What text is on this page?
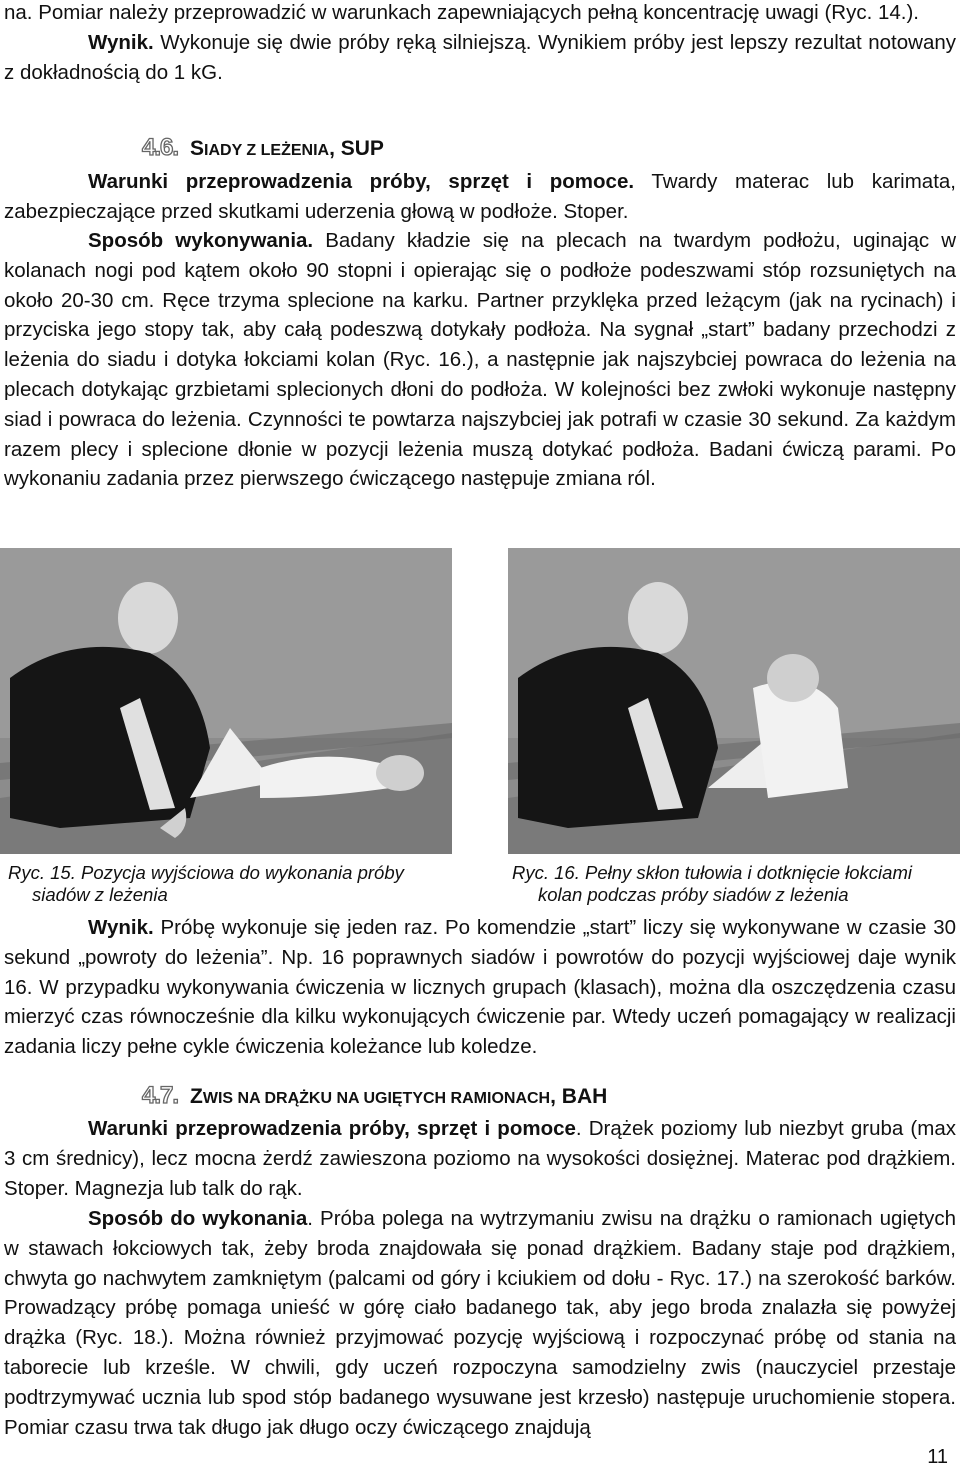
na. Pomiar należy przeprowadzić w warunkach zapewniających pełną koncentrację uwagi (Ryc. 14.).
Wynik. Wykonuje się dwie próby ręką silniejszą. Wynikiem próby jest lepszy rezultat notowany z dokładnością do 1 kG.

4.6. SIADY Z LEŻENIA, SUP

Warunki przeprowadzenia próby, sprzęt i pomoce. Twardy materac lub karimata, zabezpieczające przed skutkami uderzenia głową w podłoże. Stoper.

Sposób wykonywania. Badany kładzie się na plecach na twardym podłożu, uginając w kolanach nogi pod kątem około 90 stopni i opierając się o podłoże podeszwami stóp rozsuniętych na około 20-30 cm. Ręce trzyma splecione na karku. Partner przyklęka przed leżącym (jak na rycinach) i przyciska jego stopy tak, aby całą podeszwą dotykały podłoża. Na sygnał „start” badany przechodzi z leżenia do siadu i dotyka łokciami kolan (Ryc. 16.), a następnie jak najszybciej powraca do leżenia na plecach dotykając grzbietami splecionych dłoni do podłoża. W kolejności bez zwłoki wykonuje następny siad i powraca do leżenia. Czynności te powtarza najszybciej jak potrafi w czasie 30 sekund. Za każdym razem plecy i splecione dłonie w pozycji leżenia muszą dotykać podłoża. Badani ćwiczą parami. Po wykonaniu zadania przez pierwszego ćwiczącego następuje zmiana ról.

Ryc. 15. Pozycja wyjściowa do wykonania próby
siadów z leżenia
Ryc. 16. Pełny skłon tułowia i dotknięcie łokciami
kolan podczas próby siadów z leżenia

Wynik. Próbę wykonuje się jeden raz. Po komendzie „start” liczy się wykonywane w czasie 30 sekund „powroty do leżenia”. Np. 16 poprawnych siadów i powrotów do pozycji wyjściowej daje wynik 16. W przypadku wykonywania ćwiczenia w licznych grupach (klasach), można dla oszczędzenia czasu mierzyć czas równocześnie dla kilku wykonujących ćwiczenie par. Wtedy uczeń pomagający w realizacji zadania liczy pełne cykle ćwiczenia koleżance lub koledze.

4.7. ZWIS NA DRĄŻKU NA UGIĘTYCH RAMIONACH, BAH

Warunki przeprowadzenia próby, sprzęt i pomoce. Drążek poziomy lub niezbyt gruba (max 3 cm średnicy), lecz mocna żerdź zawieszona poziomo na wysokości dosiężnej. Materac pod drążkiem. Stoper. Magnezja lub talk do rąk.

Sposób do wykonania. Próba polega na wytrzymaniu zwisu na drążku o ramionach ugiętych w stawach łokciowych tak, żeby broda znajdowała się ponad drążkiem. Badany staje pod drążkiem, chwyta go nachwytem zamkniętym (palcami od góry i kciukiem od dołu - Ryc. 17.) na szerokość barków. Prowadzący próbę pomaga unieść w górę ciało badanego tak, aby jego broda znalazła się powyżej drążka (Ryc. 18.). Można również przyjmować pozycję wyjściową i rozpoczynać próbę od stania na taborecie lub krześle. W chwili, gdy uczeń rozpoczyna samodzielny zwis (nauczyciel przestaje podtrzymywać ucznia lub spod stóp badanego wysuwane jest krzesło) następuje uruchomienie stopera. Pomiar czasu trwa tak długo jak długo oczy ćwiczącego znajdują

11
